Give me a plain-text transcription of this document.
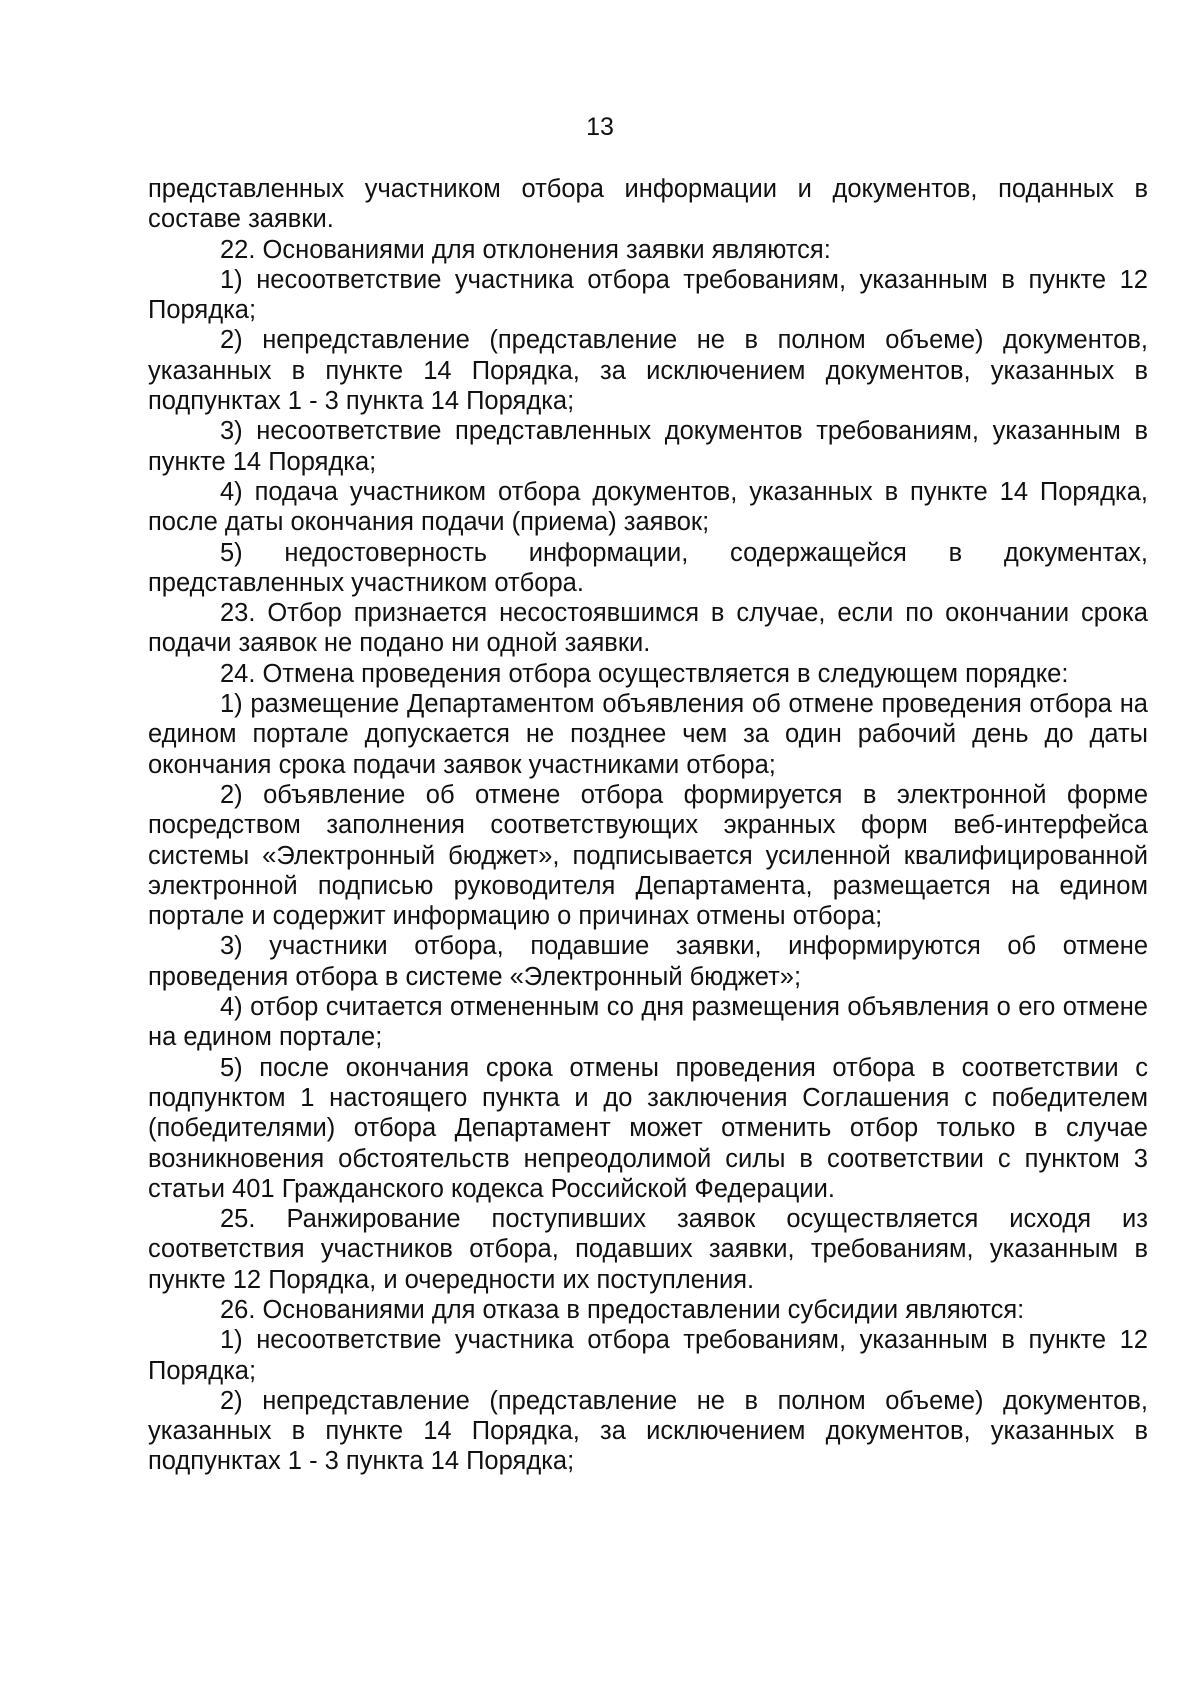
13

представленных участником отбора информации и документов, поданных в составе заявки.

22. Основаниями для отклонения заявки являются:

1) несоответствие участника отбора требованиям, указанным в пункте 12 Порядка;

2) непредставление (представление не в полном объеме) документов, указанных в пункте 14 Порядка, за исключением документов, указанных в подпунктах 1 - 3 пункта 14 Порядка;

3) несоответствие представленных документов требованиям, указанным в пункте 14 Порядка;

4) подача участником отбора документов, указанных в пункте 14 Порядка, после даты окончания подачи (приема) заявок;

5) недостоверность информации, содержащейся в документах, представленных участником отбора.

23. Отбор признается несостоявшимся в случае, если по окончании срока подачи заявок не подано ни одной заявки.

24. Отмена проведения отбора осуществляется в следующем порядке:

1) размещение Департаментом объявления об отмене проведения отбора на едином портале допускается не позднее чем за один рабочий день до даты окончания срока подачи заявок участниками отбора;

2) объявление об отмене отбора формируется в электронной форме посредством заполнения соответствующих экранных форм веб-интерфейса системы «Электронный бюджет», подписывается усиленной квалифицированной электронной подписью руководителя Департамента, размещается на едином портале и содержит информацию о причинах отмены отбора;

3) участники отбора, подавшие заявки, информируются об отмене проведения отбора в системе «Электронный бюджет»;

4) отбор считается отмененным со дня размещения объявления о его отмене на едином портале;

5) после окончания срока отмены проведения отбора в соответствии с подпунктом 1 настоящего пункта и до заключения Соглашения с победителем (победителями) отбора Департамент может отменить отбор только в случае возникновения обстоятельств непреодолимой силы в соответствии с пунктом 3 статьи 401 Гражданского кодекса Российской Федерации.

25. Ранжирование поступивших заявок осуществляется исходя из соответствия участников отбора, подавших заявки, требованиям, указанным в пункте 12 Порядка, и очередности их поступления.

26. Основаниями для отказа в предоставлении субсидии являются:

1) несоответствие участника отбора требованиям, указанным в пункте 12 Порядка;

2) непредставление (представление не в полном объеме) документов, указанных в пункте 14 Порядка, за исключением документов, указанных в подпунктах 1 - 3 пункта 14 Порядка;
